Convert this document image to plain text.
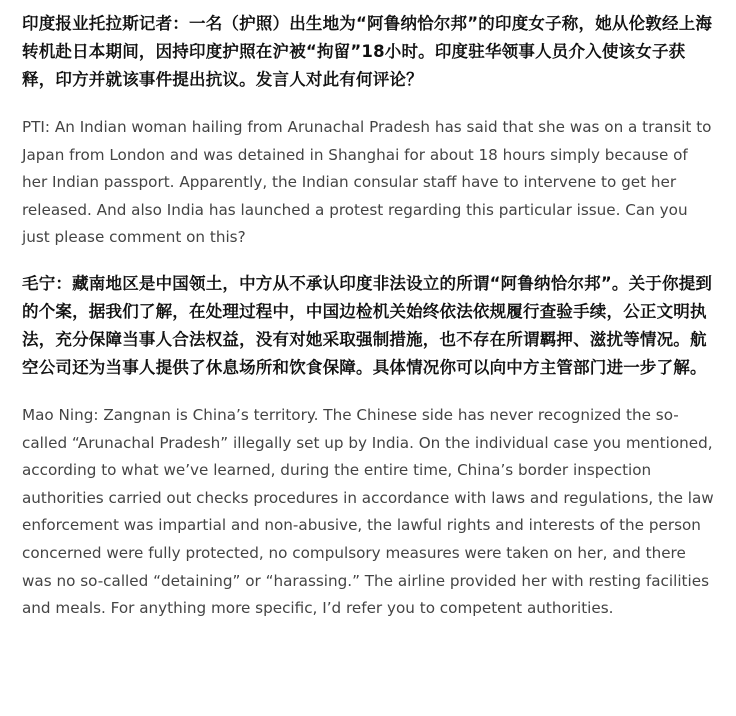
印度报业托拉斯记者：一名（护照）出生地为“阿鲁纳恰尔邦”的印度女子称，她从伦敦经上海转机赴日本期间，因持印度护照在沪被“拘留”18小时。印度驻华领事人员介入使该女子获释，印方并就该事件提出抗议。发言人对此有何评论？

PTI: An Indian woman hailing from Arunachal Pradesh has said that she was on a transit to Japan from London and was detained in Shanghai for about 18 hours simply because of her Indian passport. Apparently, the Indian consular staff have to intervene to get her released. And also India has launched a protest regarding this particular issue. Can you just please comment on this?

毛宁：藏南地区是中国领土，中方从不承认印度非法设立的所谓“阿鲁纳恰尔邦”。关于你提到的个案，据我们了解，在处理过程中，中国边检机关始终依法依规履行查验手续，公正文明执法，充分保障当事人合法权益，没有对她采取强制措施，也不存在所谓羁押、滋扰等情况。航空公司还为当事人提供了休息场所和饮食保障。具体情况你可以向中方主管部门进一步了解。

Mao Ning: Zangnan is China’s territory. The Chinese side has never recognized the so-called “Arunachal Pradesh” illegally set up by India. On the individual case you mentioned, according to what we’ve learned, during the entire time, China’s border inspection authorities carried out checks procedures in accordance with laws and regulations, the law enforcement was impartial and non-abusive, the lawful rights and interests of the person concerned were fully protected, no compulsory measures were taken on her, and there was no so-called “detaining” or “harassing.” The airline provided her with resting facilities and meals. For anything more specific, I’d refer you to competent authorities.
